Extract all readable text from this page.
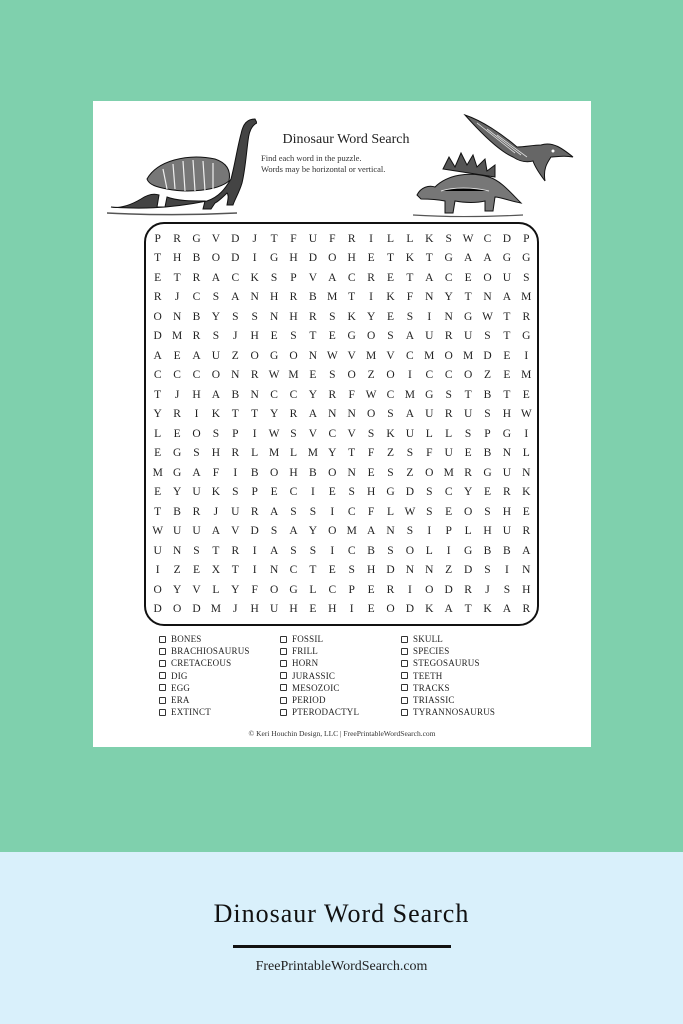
Dinosaur Word Search
Find each word in the puzzle.
Words may be horizontal or vertical.
P	R G V D	J	T	F	U	F	R	I	L	L	K	S W C D	P
T	H B O D	I	G H D O H	E	T	K	T	G A A G G
E	T	R A C K	S	P	V A C	R	E	T	A C	E	O U	S
R	J	C	S	A N H R	B M T	I	K	F	N Y	T	N A M
O N B Y	S	S	N H R	S	K Y	E	S	I	N G W T	R
D M R	S	J	H	E	S	T	E	G O	S	A U R U	S	T	G
A	E	A U	Z	O G O N W V M V C M O M D	E	I
C	C	C O N R W M E	S	O	Z	O	I	C	C O	Z	E M
T	J	H A B N C	C Y R	F W C M G	S	T	B	T	E
Y R	I	K	T	T	Y R A N N O	S	A U R U	S	H W
L	E	O	S	P	I	W S	V C V	S	K U	L	L	S	P	G	I
E	G	S	H R	L M L M Y	T	F	Z	S	F	U	E	B N	L
M G A	F	I	B O H B O N	E	S	Z	O M R G U N
E	Y U K	S	P	E	C	I	E	S	H G D	S	C Y	E	R K
T	B	R	J	U R A	S	S	I	C	F	L W S	E	O	S	H	E
W U U A V D	S	A Y O M A N	S	I	P	L	H U R
U N	S	T	R	I	A	S	S	I	C	B	S	O	L	I	G B	B A
I	Z	E	X	T	I	N C	T	E	S	H D N N	Z	D	S	I	N
O Y V	L	Y	F	O G	L	C	P	E	R	I	O D R	J	S	H
D O D M	J	H U H	E	H	I	E	O D K A	T	K A R
BONES
BRACHIOSAURUS
CRETACEOUS
DIG
EGG
ERA
EXTINCT
FOSSIL
FRILL
HORN
JURASSIC
MESOZOIC
PERIOD
PTERODACTYL
SKULL
SPECIES
STEGOSAURUS
TEETH
TRACKS
TRIASSIC
TYRANNOSAURUS
© Keri Houchin Design, LLC | FreePrintableWordSearch.com
Dinosaur Word Search
FreePrintableWordSearch.com
